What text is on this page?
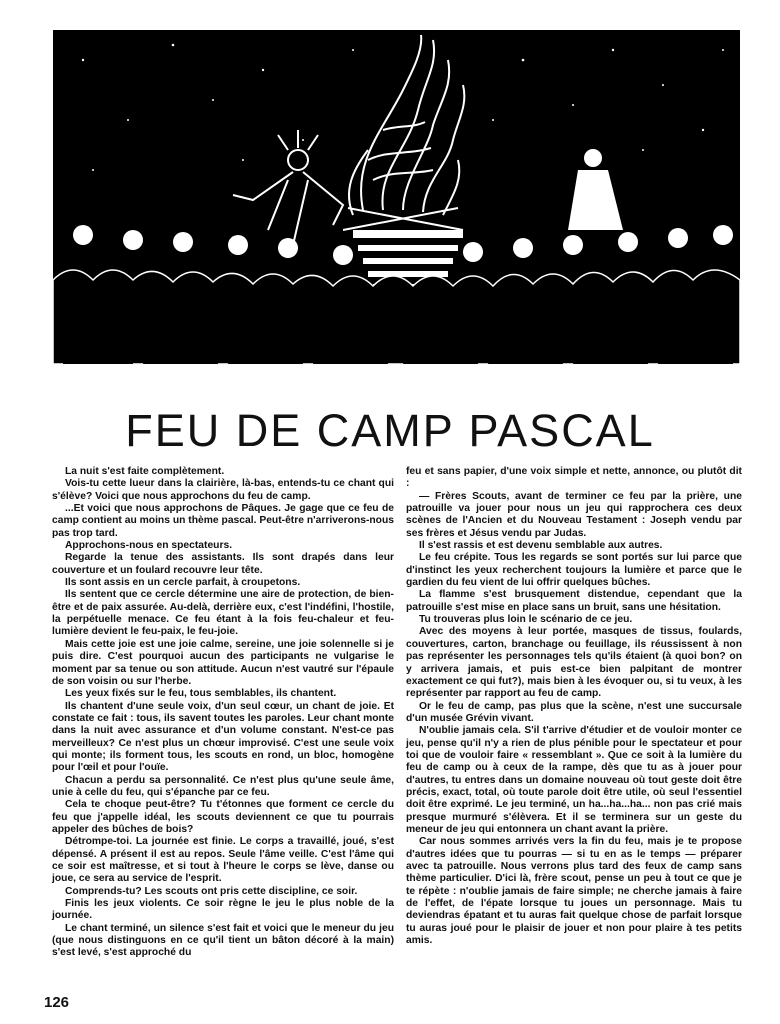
FEU DE CAMP PASCAL

La nuit s'est faite complètement.

Vois-tu cette lueur dans la clairière, là-bas, entends-tu ce chant qui s'élève? Voici que nous approchons du feu de camp.

...Et voici que nous approchons de Pâques. Je gage que ce feu de camp contient au moins un thème pascal. Peut-être n'arriverons-nous pas trop tard.

Approchons-nous en spectateurs.

Regarde la tenue des assistants. Ils sont drapés dans leur couverture et un foulard recouvre leur tête.

Ils sont assis en un cercle parfait, à croupetons.

Ils sentent que ce cercle détermine une aire de protection, de bien-être et de paix assurée. Au-delà, derrière eux, c'est l'indéfini, l'hostile, la perpétuelle menace. Ce feu étant à la fois feu-chaleur et feu-lumière devient le feu-paix, le feu-joie.

Mais cette joie est une joie calme, sereine, une joie solennelle si je puis dire. C'est pourquoi aucun des participants ne vulgarise le moment par sa tenue ou son attitude. Aucun n'est vautré sur l'épaule de son voisin ou sur l'herbe.

Les yeux fixés sur le feu, tous semblables, ils chantent.

Ils chantent d'une seule voix, d'un seul cœur, un chant de joie. Et constate ce fait : tous, ils savent toutes les paroles. Leur chant monte dans la nuit avec assurance et d'un volume constant. N'est-ce pas merveilleux? Ce n'est plus un chœur improvisé. C'est une seule voix qui monte; ils forment tous, les scouts en rond, un bloc, homogène pour l'œil et pour l'ouïe.

Chacun a perdu sa personnalité. Ce n'est plus qu'une seule âme, unie à celle du feu, qui s'épanche par ce feu.

Cela te choque peut-être? Tu t'étonnes que forment ce cercle du feu que j'appelle idéal, les scouts deviennent ce que tu pourrais appeler des bûches de bois?

Détrompe-toi. La journée est finie. Le corps a travaillé, joué, s'est dépensé. A présent il est au repos. Seule l'âme veille. C'est l'âme qui ce soir est maîtresse, et si tout à l'heure le corps se lève, danse ou joue, ce sera au service de l'esprit.

Comprends-tu? Les scouts ont pris cette discipline, ce soir.

Finis les jeux violents. Ce soir règne le jeu le plus noble de la journée.

Le chant terminé, un silence s'est fait et voici que le meneur du jeu (que nous distinguons en ce qu'il tient un bâton décoré à la main) s'est levé, s'est approché du

feu et sans papier, d'une voix simple et nette, annonce, ou plutôt dit :

— Frères Scouts, avant de terminer ce feu par la prière, une patrouille va jouer pour nous un jeu qui rapprochera ces deux scènes de l'Ancien et du Nouveau Testament : Joseph vendu par ses frères et Jésus vendu par Judas.

Il s'est rassis et est devenu semblable aux autres.

Le feu crépite. Tous les regards se sont portés sur lui parce que d'instinct les yeux recherchent toujours la lumière et parce que le gardien du feu vient de lui offrir quelques bûches.

La flamme s'est brusquement distendue, cependant que la patrouille s'est mise en place sans un bruit, sans une hésitation.

Tu trouveras plus loin le scénario de ce jeu.

Avec des moyens à leur portée, masques de tissus, foulards, couvertures, carton, branchage ou feuillage, ils réussissent à non pas représenter les personnages tels qu'ils étaient (à quoi bon? on y arrivera jamais, et puis est-ce bien palpitant de montrer exactement ce qui fut?), mais bien à les évoquer ou, si tu veux, à les représenter par rapport au feu de camp.

Or le feu de camp, pas plus que la scène, n'est une succursale d'un musée Grévin vivant.

N'oublie jamais cela. S'il t'arrive d'étudier et de vouloir monter ce jeu, pense qu'il n'y a rien de plus pénible pour le spectateur et pour toi que de vouloir faire « ressemblant ». Que ce soit à la lumière du feu de camp ou à ceux de la rampe, dès que tu as à jouer pour d'autres, tu entres dans un domaine nouveau où tout geste doit être précis, exact, total, où toute parole doit être utile, où seul l'essentiel doit être exprimé. Le jeu terminé, un ha...ha...ha... non pas crié mais presque murmuré s'élèvera. Et il se terminera sur un geste du meneur de jeu qui entonnera un chant avant la prière.

Car nous sommes arrivés vers la fin du feu, mais je te propose d'autres idées que tu pourras — si tu en as le temps — préparer avec ta patrouille. Nous verrons plus tard des feux de camp sans thème particulier. D'ici là, frère scout, pense un peu à tout ce que je te répète : n'oublie jamais de faire simple; ne cherche jamais à faire de l'effet, de l'épate lorsque tu joues un personnage. Mais tu deviendras épatant et tu auras fait quelque chose de parfait lorsque tu auras joué pour le plaisir de jouer et non pour plaire à tes petits amis.

126
